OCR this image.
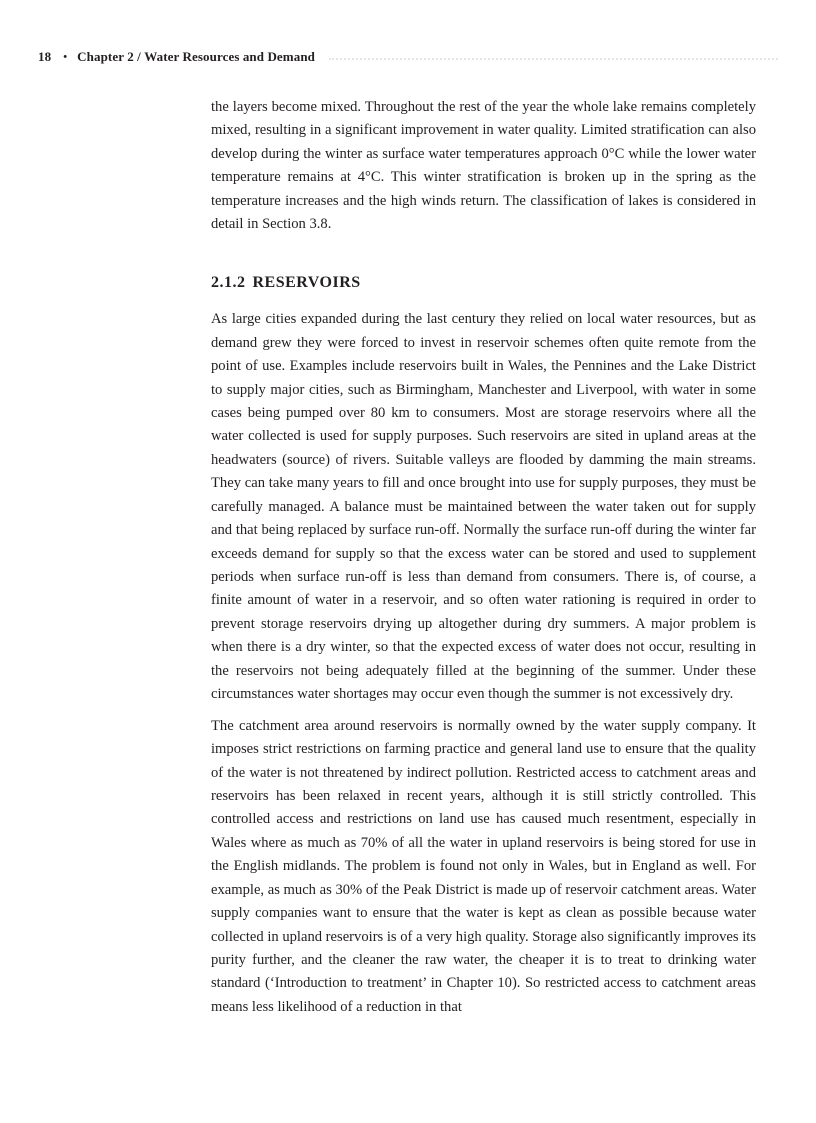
18 • Chapter 2
/
Water Resources and Demand

the layers become mixed. Throughout the rest of the year the whole lake remains completely mixed, resulting in a significant improvement in water quality. Limited stratification can also develop during the winter as surface water temperatures approach 0°C while the lower water temperature remains at 4°C. This winter stratification is broken up in the spring as the temperature increases and the high winds return. The classification of lakes is considered in detail in Section 3.8.

2.1.2 RESERVOIRS

As large cities expanded during the last century they relied on local water resources, but as demand grew they were forced to invest in reservoir schemes often quite remote from the point of use. Examples include reservoirs built in Wales, the Pennines and the Lake District to supply major cities, such as Birmingham, Manchester and Liverpool, with water in some cases being pumped over 80 km to consumers. Most are storage reservoirs where all the water collected is used for supply purposes. Such reservoirs are sited in upland areas at the headwaters (source) of rivers. Suitable valleys are flooded by damming the main streams. They can take many years to fill and once brought into use for supply purposes, they must be carefully managed. A balance must be maintained between the water taken out for supply and that being replaced by surface run-off. Normally the surface run-off during the winter far exceeds demand for supply so that the excess water can be stored and used to supplement periods when surface run-off is less than demand from consumers. There is, of course, a finite amount of water in a reservoir, and so often water rationing is required in order to prevent storage reservoirs drying up altogether during dry summers. A major problem is when there is a dry winter, so that the expected excess of water does not occur, resulting in the reservoirs not being adequately filled at the beginning of the summer. Under these circumstances water shortages may occur even though the summer is not excessively dry.

The catchment area around reservoirs is normally owned by the water supply company. It imposes strict restrictions on farming practice and general land use to ensure that the quality of the water is not threatened by indirect pollution. Restricted access to catchment areas and reservoirs has been relaxed in recent years, although it is still strictly controlled. This controlled access and restrictions on land use has caused much resentment, especially in Wales where as much as 70% of all the water in upland reservoirs is being stored for use in the English midlands. The problem is found not only in Wales, but in England as well. For example, as much as 30% of the Peak District is made up of reservoir catchment areas. Water supply companies want to ensure that the water is kept as clean as possible because water collected in upland reservoirs is of a very high quality. Storage also significantly improves its purity further, and the cleaner the raw water, the cheaper it is to treat to drinking water standard (‘Introduction to treatment’ in Chapter 10). So restricted access to catchment areas means less likelihood of a reduction in that
